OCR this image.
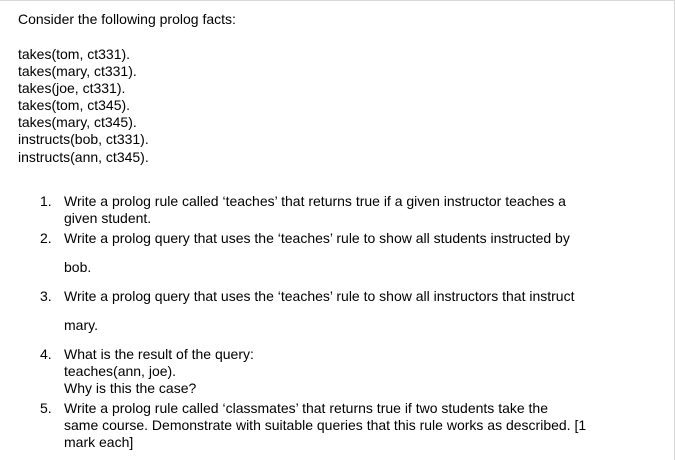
Consider the following prolog facts:

takes(tom, ct331).
takes(mary, ct331).
takes(joe, ct331).
takes(tom, ct345).
takes(mary, ct345).
instructs(bob, ct331).
instructs(ann, ct345).
1. Write a prolog rule called ‘teaches’ that returns true if a given instructor teaches a
given student.
2. Write a prolog query that uses the ‘teaches’ rule to show all students instructed by
bob.
3. Write a prolog query that uses the ‘teaches’ rule to show all instructors that instruct
mary.
4. What is the result of the query:
teaches(ann, joe).
Why is this the case?
5. Write a prolog rule called ‘classmates’ that returns true if two students take the
same course. Demonstrate with suitable queries that this rule works as described. [1
mark each]
